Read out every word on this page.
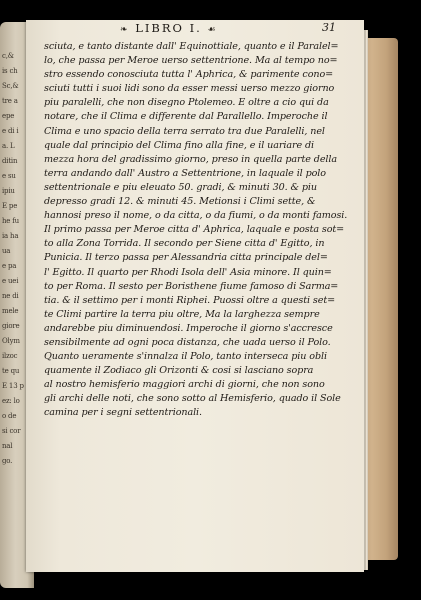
c,&
is ch
Sc,&
tre a
epe
e di i
a. L
ditin
e su
ipiu
E pe
he fu
ia ha
ua
e pa
e uei
ne di
mele
giore
Olym
ilzoc
te qu
E 13 p
ez: lo
o de
si cor
nal
go.
❧ LIBRO I. ☙	31
sciuta, e tanto distante dall' Equinottiale, quanto e il Paralel=
lo, che passa per Meroe uerso settentrione. Ma al tempo no=
stro essendo conosciuta tutta l' Aphrica, & parimente cono=
sciuti tutti i suoi lidi sono da esser messi uerso mezzo giorno
piu paralelli, che non disegno Ptolemeo. E oltre a cio qui da
notare, che il Clima e differente dal Parallello. Imperoche il
Clima e uno spacio della terra serrato tra due Paralelli, nel
quale dal principio del Clima fino alla fine, e il uariare di
mezza hora del gradissimo giorno, preso in quella parte della
terra andando dall' Austro a Settentrione, in laquale il polo
settentrionale e piu eleuato 50. gradi, & minuti 30. & piu
depresso gradi 12. & minuti 45. Metionsi i Climi sette, &
hannosi preso il nome, o da citta, o da fiumi, o da monti famosi.
Il primo passa per Meroe citta d' Aphrica, laquale e posta sot=
to alla Zona Torrida. Il secondo per Siene citta d' Egitto, in
Punicia. Il terzo passa per Alessandria citta principale del=
l' Egitto. Il quarto per Rhodi Isola dell' Asia minore. Il quin=
to per Roma. Il sesto per Boristhene fiume famoso di Sarma=
tia. & il settimo per i monti Riphei. Puossi oltre a questi set=
te Climi partire la terra piu oltre, Ma la larghezza sempre
andarebbe piu diminuendosi. Imperoche il giorno s'accresce
sensibilmente ad ogni poca distanza, che uada uerso il Polo.
Quanto ueramente s'innalza il Polo, tanto interseca piu obli
quamente il Zodiaco gli Orizonti & cosi si lasciano sopra
al nostro hemisferio maggiori archi di giorni, che non sono
gli archi delle noti, che sono sotto al Hemisferio, quado il Sole
camina per i segni settentrionali.
